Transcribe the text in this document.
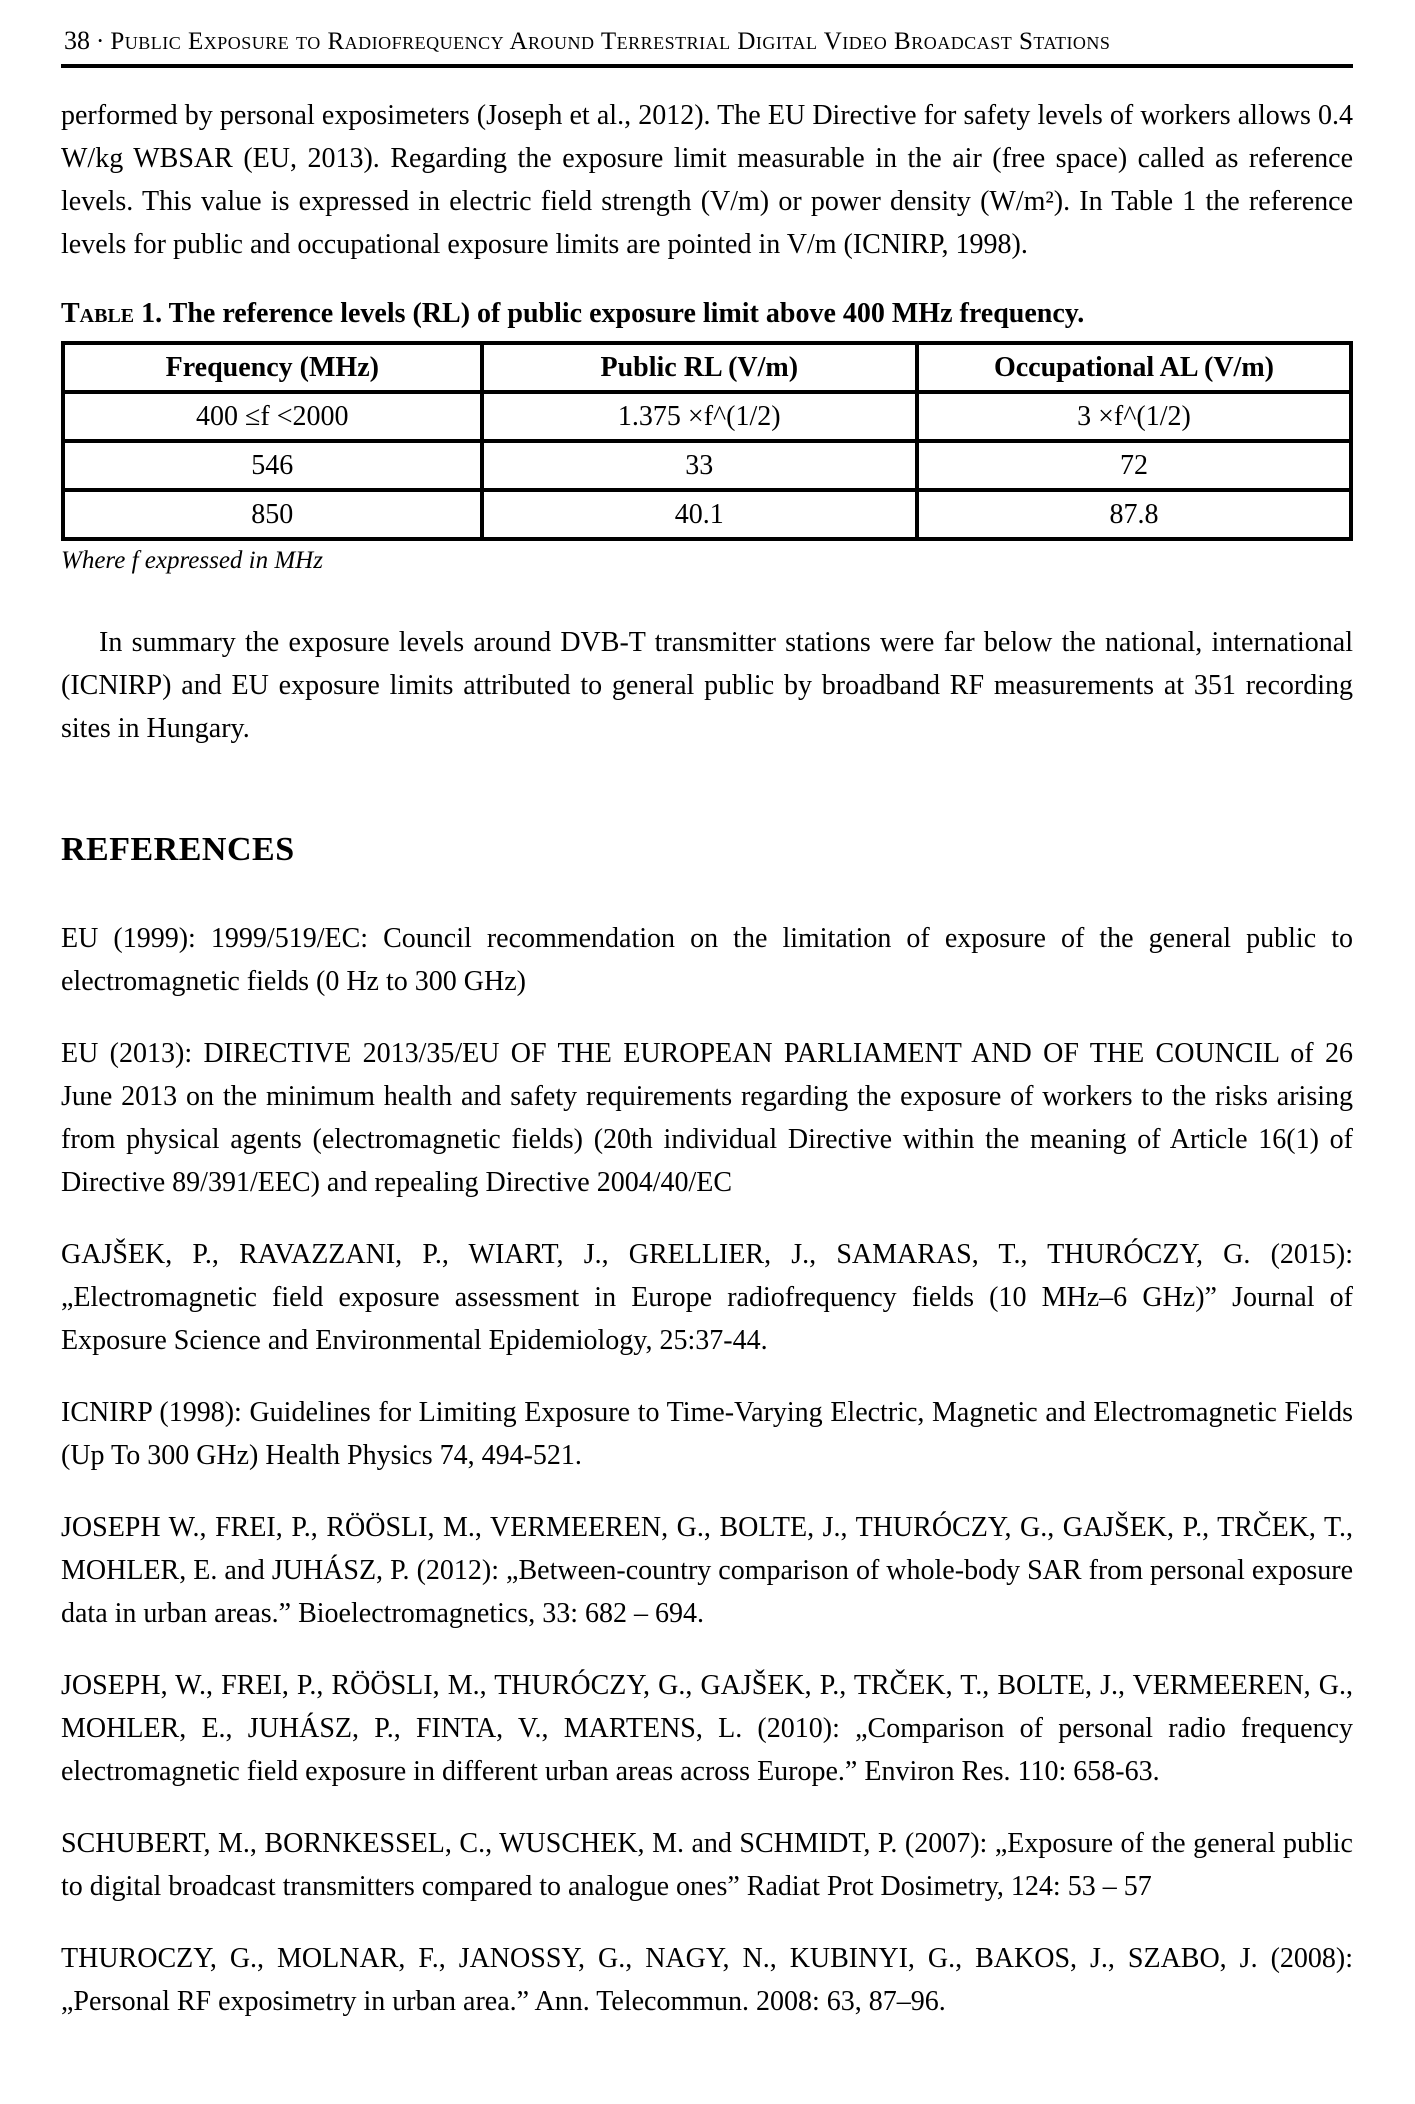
38 · Public Exposure to Radiofrequency Around Terrestrial Digital Video Broadcast Stations

performed by personal exposimeters (Joseph et al., 2012). The EU Directive for safety levels of workers allows 0.4 W/kg WBSAR (EU, 2013). Regarding the exposure limit measurable in the air (free space) called as reference levels. This value is expressed in electric field strength (V/m) or power density (W/m²). In Table 1 the reference levels for public and occupational exposure limits are pointed in V/m (ICNIRP, 1998).

Table 1. The reference levels (RL) of public exposure limit above 400 MHz frequency.

Frequency (MHz)	Public RL (V/m)	Occupational AL (V/m)
400 ≤f <2000	1.375 ×f^(1/2)	3 ×f^(1/2)
546	33	72
850	40.1	87.8

Where f expressed in MHz

In summary the exposure levels around DVB-T transmitter stations were far below the national, international (ICNIRP) and EU exposure limits attributed to general public by broadband RF measurements at 351 recording sites in Hungary.

REFERENCES

EU (1999): 1999/519/EC: Council recommendation on the limitation of exposure of the general public to electromagnetic fields (0 Hz to 300 GHz)

EU (2013): DIRECTIVE 2013/35/EU OF THE EUROPEAN PARLIAMENT AND OF THE COUNCIL of 26 June 2013 on the minimum health and safety requirements regarding the exposure of workers to the risks arising from physical agents (electromagnetic fields) (20th individual Directive within the meaning of Article 16(1) of Directive 89/391/EEC) and repealing Directive 2004/40/EC

GAJŠEK, P., RAVAZZANI, P., WIART, J., GRELLIER, J., SAMARAS, T., THURÓCZY, G. (2015): „Electromagnetic field exposure assessment in Europe radiofrequency fields (10 MHz–6 GHz)” Journal of Exposure Science and Environmental Epidemiology, 25:37-44.

ICNIRP (1998): Guidelines for Limiting Exposure to Time-Varying Electric, Magnetic and Electromagnetic Fields (Up To 300 GHz) Health Physics 74, 494-521.

JOSEPH W., FREI, P., RÖÖSLI, M., VERMEEREN, G., BOLTE, J., THURÓCZY, G., GAJŠEK, P., TRČEK, T., MOHLER, E. and JUHÁSZ, P. (2012): „Between-country comparison of whole-body SAR from personal exposure data in urban areas.” Bioelectromagnetics, 33: 682 – 694.

JOSEPH, W., FREI, P., RÖÖSLI, M., THURÓCZY, G., GAJŠEK, P., TRČEK, T., BOLTE, J., VERMEEREN, G., MOHLER, E., JUHÁSZ, P., FINTA, V., MARTENS, L. (2010): „Comparison of personal radio frequency electromagnetic field exposure in different urban areas across Europe.” Environ Res. 110: 658-63.

SCHUBERT, M., BORNKESSEL, C., WUSCHEK, M. and SCHMIDT, P. (2007): „Exposure of the general public to digital broadcast transmitters compared to analogue ones” Radiat Prot Dosimetry, 124: 53 – 57

THUROCZY, G., MOLNAR, F., JANOSSY, G., NAGY, N., KUBINYI, G., BAKOS, J., SZABO, J. (2008): „Personal RF exposimetry in urban area.” Ann. Telecommun. 2008: 63, 87–96.
